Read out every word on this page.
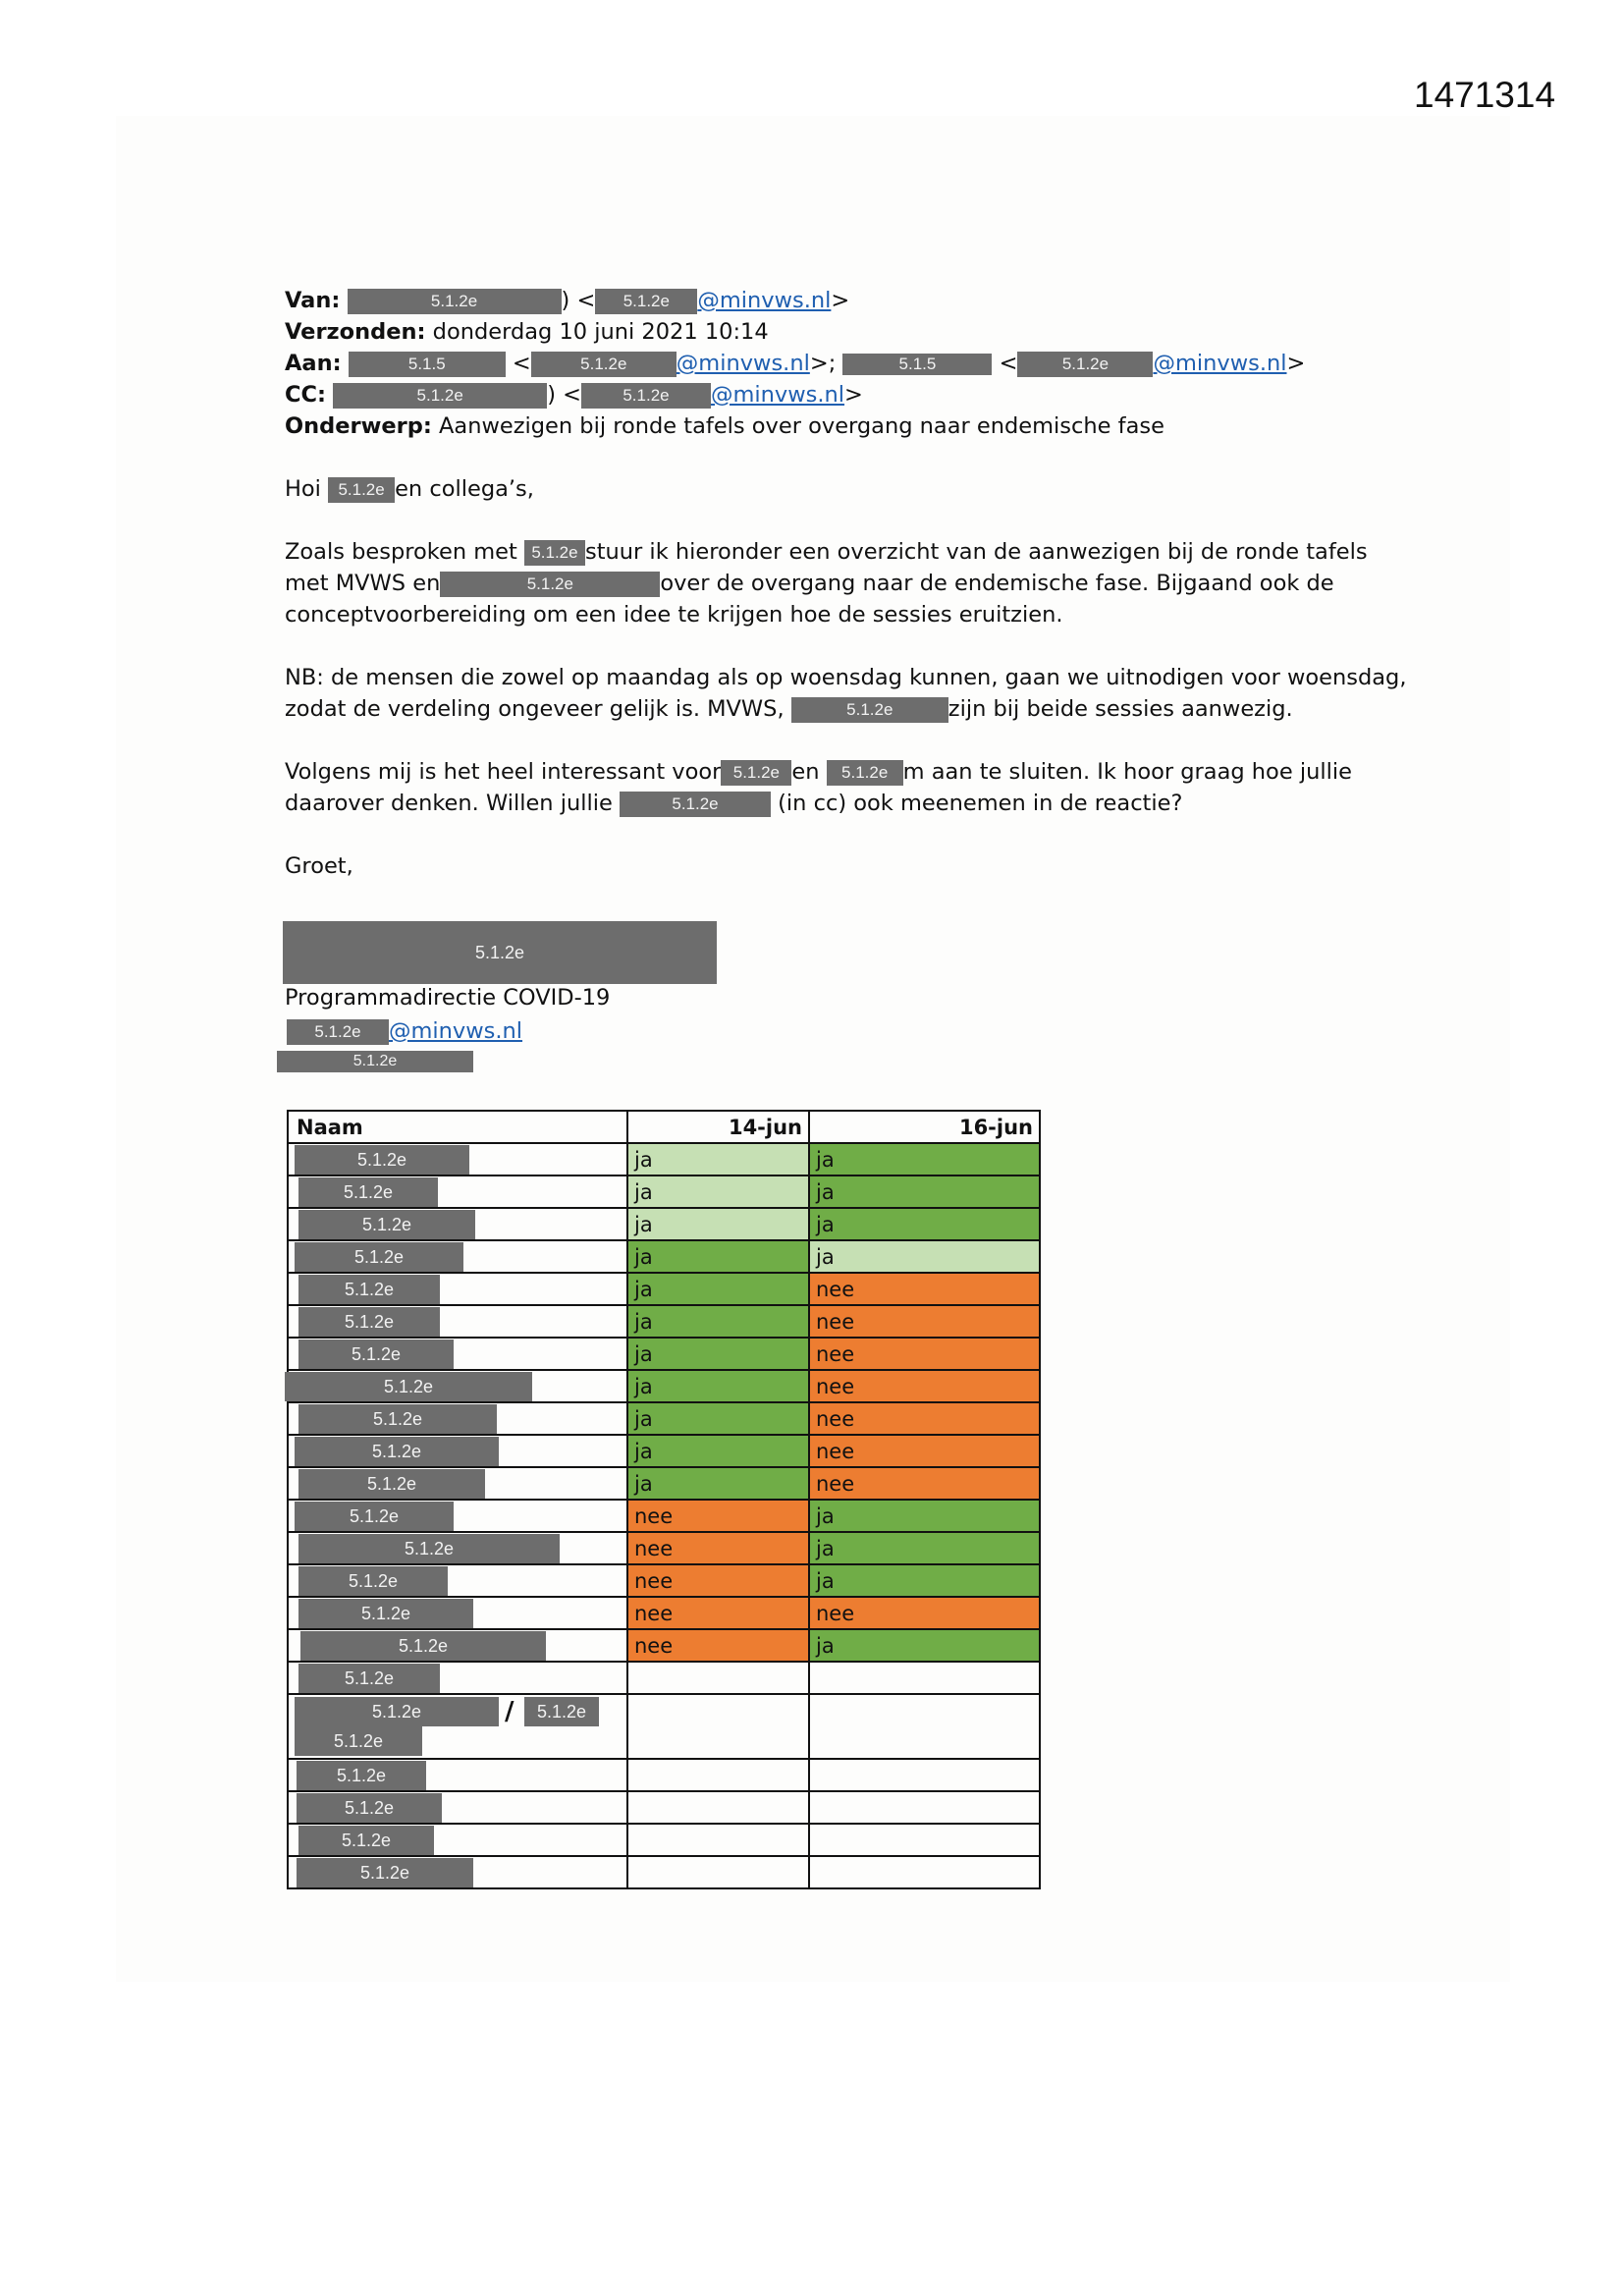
1471314

Van:	5.1.2e	) < 5.1.2e @minvws.nl>

Verzonden: donderdag 10 juni 2021 10:14

Aan:	5.1.5	<	5.1.2e @minvws.nl>;	5.1.5	<	5.1.2e @minvws.nl>

CC:	5.1.2e	) < 5.1.2e @minvws.nl>

Onderwerp: Aanwezigen bij ronde tafels over overgang naar endemische fase

Hoi 5.1.2e en collega’s,

Zoals besproken met 5.1.2e stuur ik hieronder een overzicht van de aanwezigen bij de ronde tafels

met MVWS en	5.1.2e	over de overgang naar de endemische fase. Bijgaand ook de

conceptvoorbereiding om een idee te krijgen hoe de sessies eruitzien.

NB: de mensen die zowel op maandag als op woensdag kunnen, gaan we uitnodigen voor woensdag,

zodat de verdeling ongeveer gelijk is. MVWS,	5.1.2e	zijn bij beide sessies aanwezig.

Volgens mij is het heel interessant voor 5.1.2e en 5.1.2e m aan te sluiten. Ik hoor graag hoe jullie

daarover denken. Willen jullie	5.1.2e	(in cc) ook meenemen in de reactie?

Groet,

5.1.2e
Programmadirectie COVID-19
5.1.2e @minvws.nl
5.1.2e
Naam	14-jun	16-jun

5.1.2e	ja	ja

5.1.2e	ja	ja

5.1.2e	ja	ja

5.1.2e	ja	ja

5.1.2e	ja	nee

5.1.2e	ja	nee

5.1.2e	ja	nee

5.1.2e	ja	nee

5.1.2e	ja	nee

5.1.2e	ja	nee

5.1.2e	ja	nee

5.1.2e	nee	ja

5.1.2e	nee	ja

5.1.2e	nee	ja

5.1.2e	nee	nee

5.1.2e	nee	ja

5.1.2e		

5.1.2e / 5.1.2e
5.1.2e		

5.1.2e		

5.1.2e		

5.1.2e		

5.1.2e		
